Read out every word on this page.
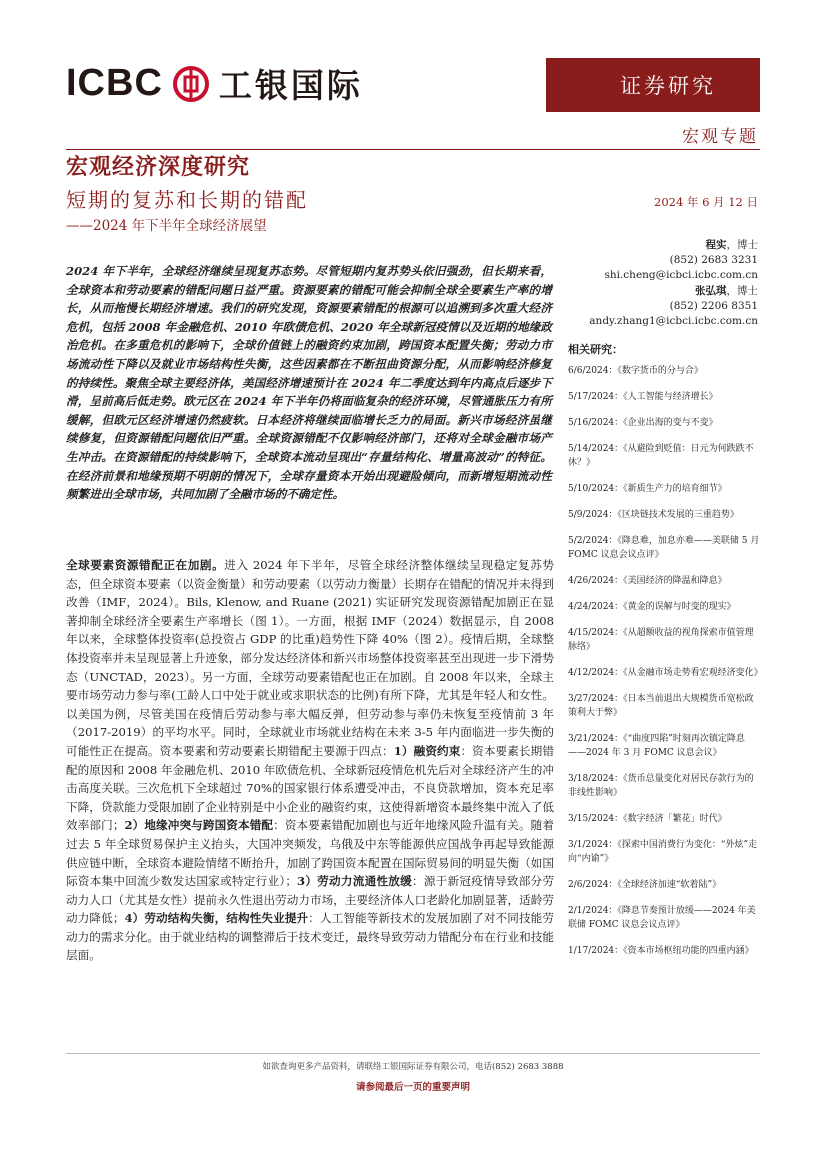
ICBC 工银国际	证券研究
宏观专题
宏观经济深度研究
短期的复苏和长期的错配
——2024 年下半年全球经济展望
2024 年 6 月 12 日
程实，博士
(852) 2683 3231
shi.cheng@icbci.icbc.com.cn
张弘琪，博士
(852) 2206 8351
andy.zhang1@icbci.icbc.com.cn

2024 年下半年，全球经济继续呈现复苏态势。尽管短期内复苏势头依旧强劲，但长期来看，全球资本和劳动要素的错配问题日益严重。资源要素的错配可能会抑制全球全要素生产率的增长，从而拖慢长期经济增速。我们的研究发现，资源要素错配的根源可以追溯到多次重大经济危机，包括 2008 年金融危机、2010 年欧债危机、2020 年全球新冠疫情以及近期的地缘政治危机。在多重危机的影响下，全球价值链上的融资约束加剧，跨国资本配置失衡；劳动力市场流动性下降以及就业市场结构性失衡，这些因素都在不断扭曲资源分配，从而影响经济修复的持续性。聚焦全球主要经济体，美国经济增速预计在 2024 年二季度达到年内高点后逐步下滑，呈前高后低走势。欧元区在 2024 年下半年仍将面临复杂的经济环境，尽管通胀压力有所缓解，但欧元区经济增速仍然疲软。日本经济将继续面临增长乏力的局面。新兴市场经济虽继续修复，但资源错配问题依旧严重。全球资源错配不仅影响经济部门，还将对全球金融市场产生冲击。在资源错配的持续影响下，全球资本流动呈现出“存量结构化、增量高波动”的特征。在经济前景和地缘预期不明朗的情况下，全球存量资本开始出现避险倾向，而新增短期流动性频繁进出全球市场，共同加剧了全融市场的不确定性。

全球要素资源错配正在加剧。进入 2024 年下半年，尽管全球经济整体继续呈现稳定复苏势态，但全球资本要素（以资金衡量）和劳动要素（以劳动力衡量）长期存在错配的情况并未得到改善（IMF，2024）。Bils, Klenow, and Ruane (2021) 实证研究发现资源错配加剧正在显著抑制全球经济全要素生产率增长（图 1）。一方面，根据 IMF（2024）数据显示，自 2008 年以来，全球整体投资率(总投资占 GDP 的比重)趋势性下降 40%（图 2）。疫情后期，全球整体投资率并未呈现显著上升迹象，部分发达经济体和新兴市场整体投资率甚至出现进一步下滑势态（UNCTAD，2023）。另一方面，全球劳动要素错配也正在加剧。自 2008 年以来，全球主要市场劳动力参与率(工龄人口中处于就业或求职状态的比例)有所下降，尤其是年轻人和女性。以美国为例，尽管美国在疫情后劳动参与率大幅反弹，但劳动参与率仍未恢复至疫情前 3 年（2017-2019）的平均水平。同时，全球就业市场就业结构在未来 3-5 年内面临进一步失衡的可能性正在提高。资本要素和劳动要素长期错配主要源于四点：1）融资约束：资本要素长期错配的原因和 2008 年金融危机、2010 年欧债危机、全球新冠疫情危机先后对全球经济产生的冲击高度关联。三次危机下全球超过 70%的国家银行体系遭受冲击，不良贷款增加，资本充足率下降，贷款能力受限加剧了企业特别是中小企业的融资约束，这使得新增资本最终集中流入了低效率部门；2）地缘冲突与跨国资本错配：资本要素错配加剧也与近年地缘风险升温有关。随着过去 5 年全球贸易保护主义抬头，大国冲突频发，乌俄及中东等能源供应国战争再起导致能源供应链中断，全球资本避险情绪不断抬升，加剧了跨国资本配置在国际贸易间的明显失衡（如国际资本集中回流少数发达国家或特定行业）；3）劳动力流通性放缓：源于新冠疫情导致部分劳动力人口（尤其是女性）提前永久性退出劳动力市场，主要经济体人口老龄化加剧显著，适龄劳动力降低；4）劳动结构失衡，结构性失业提升：人工智能等新技术的发展加剧了对不同技能劳动力的需求分化。由于就业结构的调整滞后于技术变迁，最终导致劳动力错配分布在行业和技能层面。

相关研究：
6/6/2024：《数字货币的分与合》
5/17/2024：《人工智能与经济增长》
5/16/2024：《企业出海的变与不变》
5/14/2024：《从避险到贬值：日元为何跌跌不休？》
5/10/2024：《新质生产力的培育细节》
5/9/2024：《区块链技术发展的三重趋势》
5/2/2024：《降息难，加息亦难——美联储 5 月 FOMC 议息会议点评》
4/26/2024：《美国经济的降温和降息》
4/24/2024：《黄金的误解与时变的现实》
4/15/2024：《从超额收益的视角探索市值管理脉络》
4/12/2024：《从金融市场走势看宏观经济变化》
3/27/2024：《日本当前退出大规模货币宽松政策利大于弊》
3/21/2024：《“曲度四陷”时刻再次镇定降息——2024 年 3 月 FOMC 议息会议》
3/18/2024：《货币总量变化对居民存款行为的非线性影响》
3/15/2024：《数字经济「繁花」时代》
3/1/2024：《探索中国消费行为变化：“外炫”走向“内谕”》
2/6/2024：《全球经济加速“软着陆”》
2/1/2024：《降息节奏预计放缓——2024 年美联储 FOMC 议息会议点评》
1/17/2024：《资本市场枢纽功能的四重内涵》
如欲查询更多产品资料，请联络工银国际证券有限公司，电话(852) 2683 3888
请参阅最后一页的重要声明
